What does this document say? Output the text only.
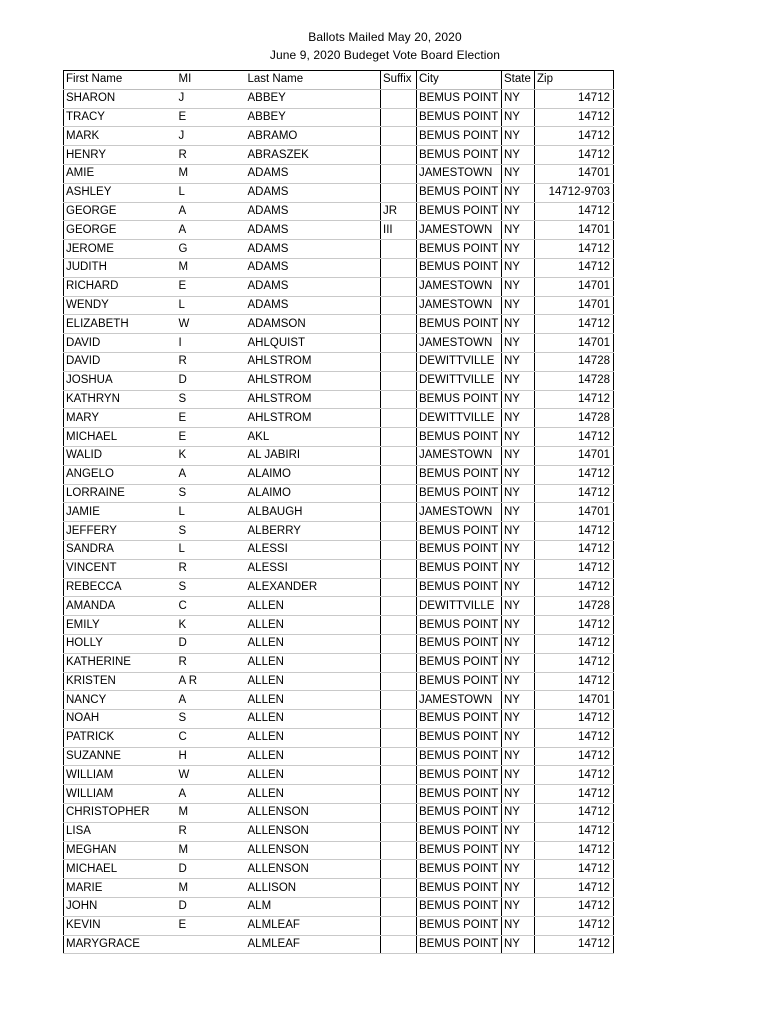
Ballots Mailed May 20, 2020
June 9, 2020 Budeget Vote Board Election
First Name	MI	Last Name	Suffix	City	State	Zip
SHARON	J	ABBEY		BEMUS POINT	NY	14712
TRACY	E	ABBEY		BEMUS POINT	NY	14712
MARK	J	ABRAMO		BEMUS POINT	NY	14712
HENRY	R	ABRASZEK		BEMUS POINT	NY	14712
AMIE	M	ADAMS		JAMESTOWN	NY	14701
ASHLEY	L	ADAMS		BEMUS POINT	NY	14712-9703
GEORGE	A	ADAMS	JR	BEMUS POINT	NY	14712
GEORGE	A	ADAMS	III	JAMESTOWN	NY	14701
JEROME	G	ADAMS		BEMUS POINT	NY	14712
JUDITH	M	ADAMS		BEMUS POINT	NY	14712
RICHARD	E	ADAMS		JAMESTOWN	NY	14701
WENDY	L	ADAMS		JAMESTOWN	NY	14701
ELIZABETH	W	ADAMSON		BEMUS POINT	NY	14712
DAVID	I	AHLQUIST		JAMESTOWN	NY	14701
DAVID	R	AHLSTROM		DEWITTVILLE	NY	14728
JOSHUA	D	AHLSTROM		DEWITTVILLE	NY	14728
KATHRYN	S	AHLSTROM		BEMUS POINT	NY	14712
MARY	E	AHLSTROM		DEWITTVILLE	NY	14728
MICHAEL	E	AKL		BEMUS POINT	NY	14712
WALID	K	AL JABIRI		JAMESTOWN	NY	14701
ANGELO	A	ALAIMO		BEMUS POINT	NY	14712
LORRAINE	S	ALAIMO		BEMUS POINT	NY	14712
JAMIE	L	ALBAUGH		JAMESTOWN	NY	14701
JEFFERY	S	ALBERRY		BEMUS POINT	NY	14712
SANDRA	L	ALESSI		BEMUS POINT	NY	14712
VINCENT	R	ALESSI		BEMUS POINT	NY	14712
REBECCA	S	ALEXANDER		BEMUS POINT	NY	14712
AMANDA	C	ALLEN		DEWITTVILLE	NY	14728
EMILY	K	ALLEN		BEMUS POINT	NY	14712
HOLLY	D	ALLEN		BEMUS POINT	NY	14712
KATHERINE	R	ALLEN		BEMUS POINT	NY	14712
KRISTEN	A R	ALLEN		BEMUS POINT	NY	14712
NANCY	A	ALLEN		JAMESTOWN	NY	14701
NOAH	S	ALLEN		BEMUS POINT	NY	14712
PATRICK	C	ALLEN		BEMUS POINT	NY	14712
SUZANNE	H	ALLEN		BEMUS POINT	NY	14712
WILLIAM	W	ALLEN		BEMUS POINT	NY	14712
WILLIAM	A	ALLEN		BEMUS POINT	NY	14712
CHRISTOPHER	M	ALLENSON		BEMUS POINT	NY	14712
LISA	R	ALLENSON		BEMUS POINT	NY	14712
MEGHAN	M	ALLENSON		BEMUS POINT	NY	14712
MICHAEL	D	ALLENSON		BEMUS POINT	NY	14712
MARIE	M	ALLISON		BEMUS POINT	NY	14712
JOHN	D	ALM		BEMUS POINT	NY	14712
KEVIN	E	ALMLEAF		BEMUS POINT	NY	14712
MARYGRACE		ALMLEAF		BEMUS POINT	NY	14712
